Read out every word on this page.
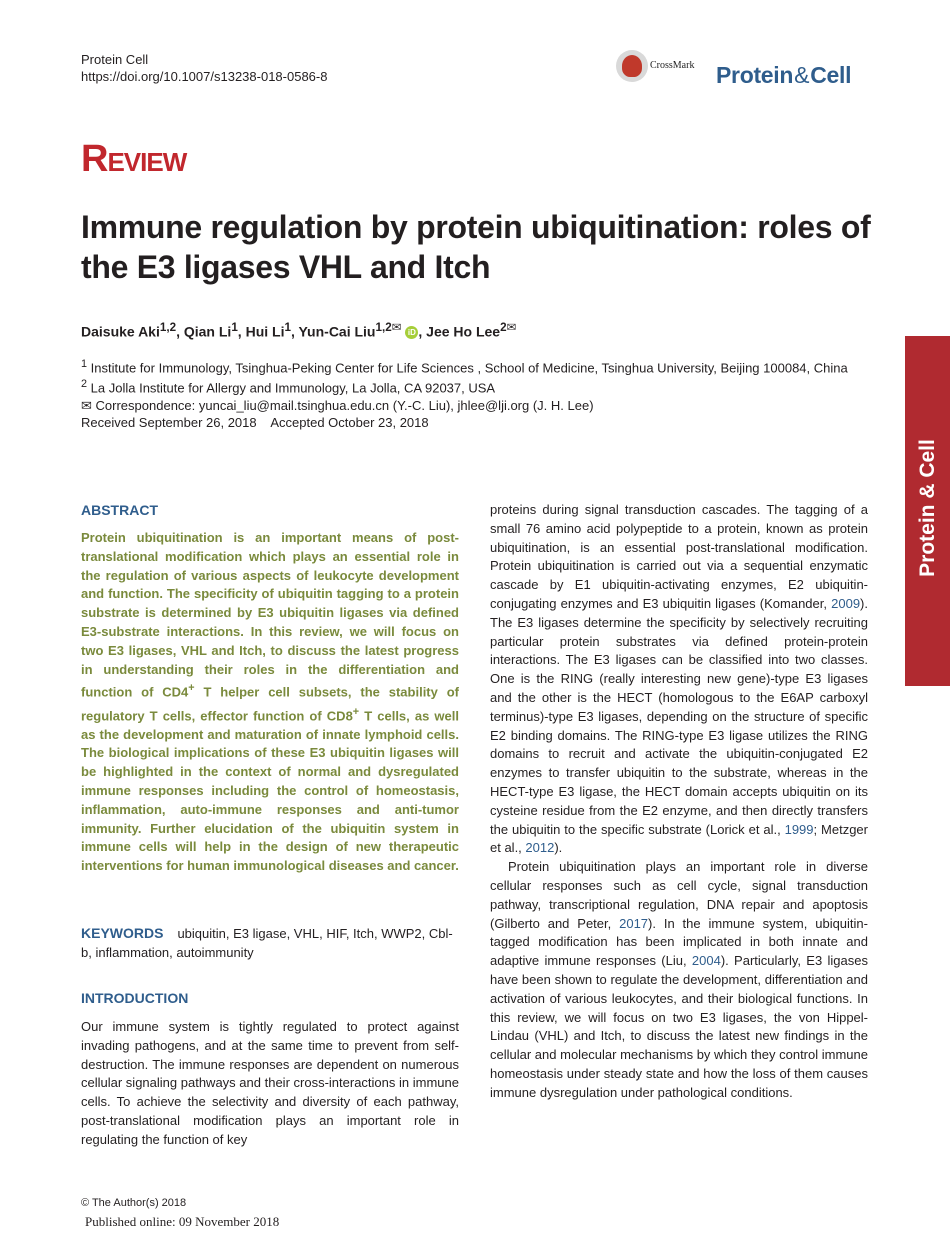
Protein Cell
https://doi.org/10.1007/s13238-018-0586-8
CrossMark Protein&Cell
REVIEW
Immune regulation by protein ubiquitination: roles of the E3 ligases VHL and Itch
Daisuke Aki$^{1,2}$, Qian Li$^1$, Hui Li$^1$, Yun-Cai Liu$^{1,2✉}$ iD , Jee Ho Lee$^{2✉}$

$^1$ Institute for Immunology, Tsinghua-Peking Center for Life Sciences , School of Medicine, Tsinghua University, Beijing 100084, China

$^2$ La Jolla Institute for Allergy and Immunology, La Jolla, CA 92037, USA

✉ Correspondence: yuncai_liu@mail.tsinghua.edu.cn (Y.-C. Liu), jhlee@lji.org (J. H. Lee)

Received September 26, 2018    Accepted October 23, 2018

Protein & Cell
ABSTRACT
Protein ubiquitination is an important means of post-translational modification which plays an essential role in the regulation of various aspects of leukocyte development and function. The specificity of ubiquitin tagging to a protein substrate is determined by E3 ubiquitin ligases via defined E3-substrate interactions. In this review, we will focus on two E3 ligases, VHL and Itch, to discuss the latest progress in understanding their roles in the differentiation and function of CD4+ T helper cell subsets, the stability of regulatory T cells, effector function of CD8+ T cells, as well as the development and maturation of innate lymphoid cells. The biological implications of these E3 ubiquitin ligases will be highlighted in the context of normal and dysregulated immune responses including the control of homeostasis, inflammation, auto-immune responses and anti-tumor immunity. Further elucidation of the ubiquitin system in immune cells will help in the design of new therapeutic interventions for human immunological diseases and cancer.
KEYWORDS ubiquitin, E3 ligase, VHL, HIF, Itch, WWP2, Cbl-b, inflammation, autoimmunity
INTRODUCTION
Our immune system is tightly regulated to protect against invading pathogens, and at the same time to prevent from self-destruction. The immune responses are dependent on numerous cellular signaling pathways and their cross-interactions in immune cells. To achieve the selectivity and diversity of each pathway, post-translational modification plays an important role in regulating the function of key

proteins during signal transduction cascades. The tagging of a small 76 amino acid polypeptide to a protein, known as protein ubiquitination, is an essential post-translational modification. Protein ubiquitination is carried out via a sequential enzymatic cascade by E1 ubiquitin-activating enzymes, E2 ubiquitin-conjugating enzymes and E3 ubiquitin ligases (Komander, 2009). The E3 ligases determine the specificity by selectively recruiting particular protein substrates via defined protein-protein interactions. The E3 ligases can be classified into two classes. One is the RING (really interesting new gene)-type E3 ligases and the other is the HECT (homologous to the E6AP carboxyl terminus)-type E3 ligases, depending on the structure of specific E2 binding domains. The RING-type E3 ligase utilizes the RING domains to recruit and activate the ubiquitin-conjugated E2 enzymes to transfer ubiquitin to the substrate, whereas in the HECT-type E3 ligase, the HECT domain accepts ubiquitin on its cysteine residue from the E2 enzyme, and then directly transfers the ubiquitin to the specific substrate (Lorick et al., 1999; Metzger et al., 2012).

Protein ubiquitination plays an important role in diverse cellular responses such as cell cycle, signal transduction pathway, transcriptional regulation, DNA repair and apoptosis (Gilberto and Peter, 2017). In the immune system, ubiquitin-tagged modification has been implicated in both innate and adaptive immune responses (Liu, 2004). Particularly, E3 ligases have been shown to regulate the development, differentiation and activation of various leukocytes, and their biological functions. In this review, we will focus on two E3 ligases, the von Hippel-Lindau (VHL) and Itch, to discuss the latest new findings in the cellular and molecular mechanisms by which they control immune homeostasis under steady state and how the loss of them causes immune dysregulation under pathological conditions.

© The Author(s) 2018
Published online: 09 November 2018
